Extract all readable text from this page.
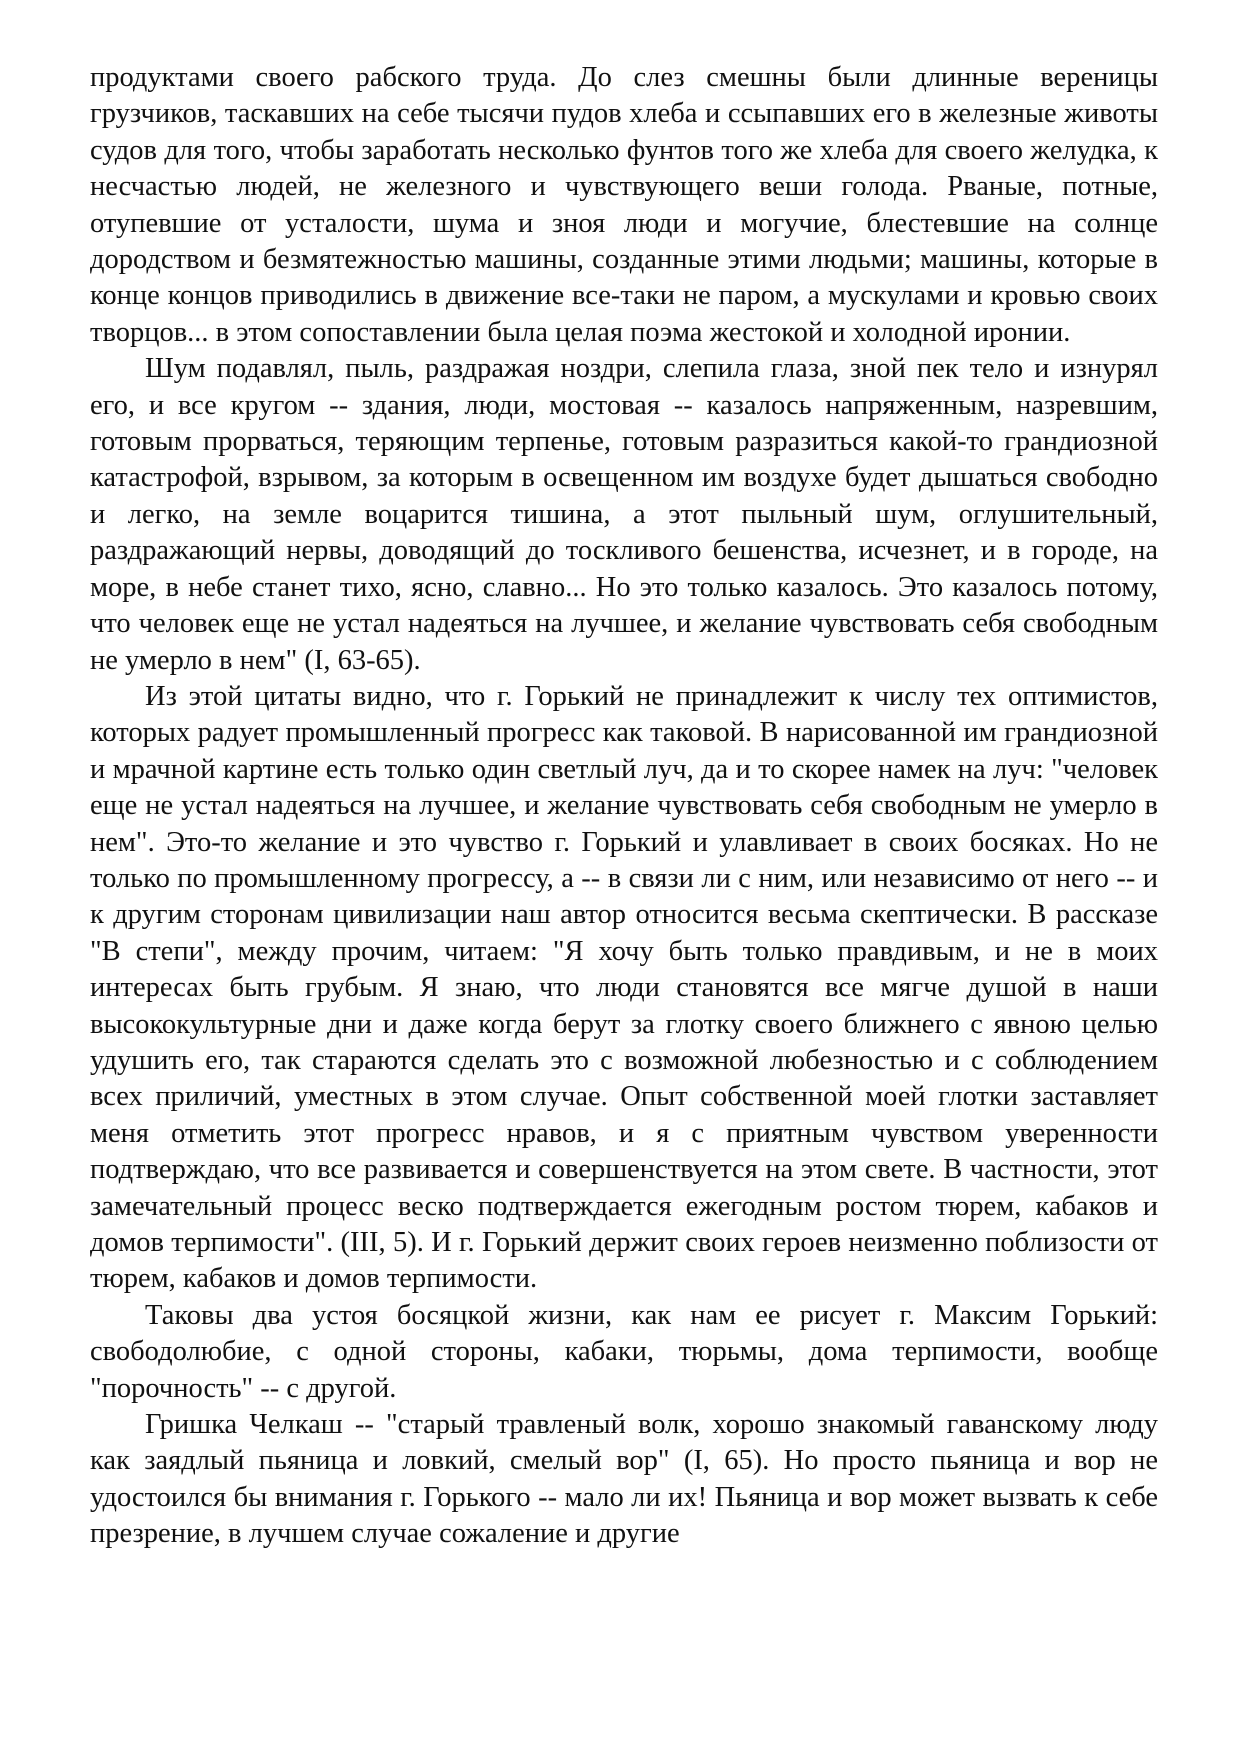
продуктами своего рабского труда. До слез смешны были длинные вереницы грузчиков, таскавших на себе тысячи пудов хлеба и ссыпавших его в железные животы судов для того, чтобы заработать несколько фунтов того же хлеба для своего желудка, к несчастью людей, не железного и чувствующего веши голода. Рваные, потные, отупевшие от усталости, шума и зноя люди и могучие, блестевшие на солнце дородством и безмятежностью машины, созданные этими людьми; машины, которые в конце концов приводились в движение все-таки не паром, а мускулами и кровью своих творцов... в этом сопоставлении была целая поэма жестокой и холодной иронии.

Шум подавлял, пыль, раздражая ноздри, слепила глаза, зной пек тело и изнурял его, и все кругом -- здания, люди, мостовая -- казалось напряженным, назревшим, готовым прорваться, теряющим терпенье, готовым разразиться какой-то грандиозной катастрофой, взрывом, за которым в освещенном им воздухе будет дышаться свободно и легко, на земле воцарится тишина, а этот пыльный шум, оглушительный, раздражающий нервы, доводящий до тоскливого бешенства, исчезнет, и в городе, на море, в небе станет тихо, ясно, славно... Но это только казалось. Это казалось потому, что человек еще не устал надеяться на лучшее, и желание чувствовать себя свободным не умерло в нем" (I, 63-65).

Из этой цитаты видно, что г. Горький не принадлежит к числу тех оптимистов, которых радует промышленный прогресс как таковой. В нарисованной им грандиозной и мрачной картине есть только один светлый луч, да и то скорее намек на луч: "человек еще не устал надеяться на лучшее, и желание чувствовать себя свободным не умерло в нем". Это-то желание и это чувство г. Горький и улавливает в своих босяках. Но не только по промышленному прогрессу, а -- в связи ли с ним, или независимо от него -- и к другим сторонам цивилизации наш автор относится весьма скептически. В рассказе "В степи", между прочим, читаем: "Я хочу быть только правдивым, и не в моих интересах быть грубым. Я знаю, что люди становятся все мягче душой в наши высококультурные дни и даже когда берут за глотку своего ближнего с явною целью удушить его, так стараются сделать это с возможной любезностью и с соблюдением всех приличий, уместных в этом случае. Опыт собственной моей глотки заставляет меня отметить этот прогресс нравов, и я с приятным чувством уверенности подтверждаю, что все развивается и совершенствуется на этом свете. В частности, этот замечательный процесс веско подтверждается ежегодным ростом тюрем, кабаков и домов терпимости". (III, 5). И г. Горький держит своих героев неизменно поблизости от тюрем, кабаков и домов терпимости.

Таковы два устоя босяцкой жизни, как нам ее рисует г. Максим Горький: свободолюбие, с одной стороны, кабаки, тюрьмы, дома терпимости, вообще "порочность" -- с другой.

Гришка Челкаш -- "старый травленый волк, хорошо знакомый гаванскому люду как заядлый пьяница и ловкий, смелый вор" (I, 65). Но просто пьяница и вор не удостоился бы внимания г. Горького -- мало ли их! Пьяница и вор может вызвать к себе презрение, в лучшем случае сожаление и другие
